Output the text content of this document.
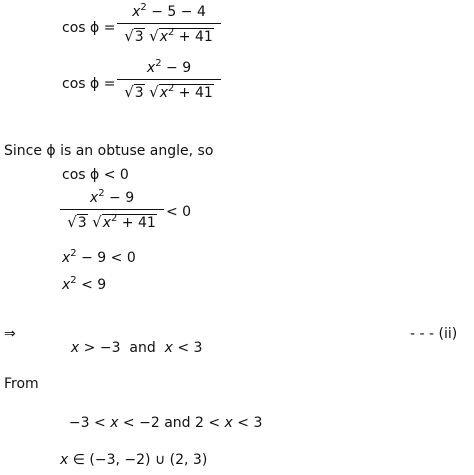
cos ϕ =
$x^2 - 5 - 4$
√3 $√x^2 + 41$
cos ϕ =
$x^2 - 9$
√3 $√x^2 + 41$
Since ϕ is an obtuse angle, so
cos ϕ < 0
$x^2 - 9$
√3 $√x^2 + 41$
< 0
$x^2 - 9 < 0$
$x^2 < 9$
⇒

x > −3  and  x < 3

- - - (ii)
From

−3 < x < −2 and 2 < x < 3

x ∈ (−3, −2) ∪ (2, 3)
